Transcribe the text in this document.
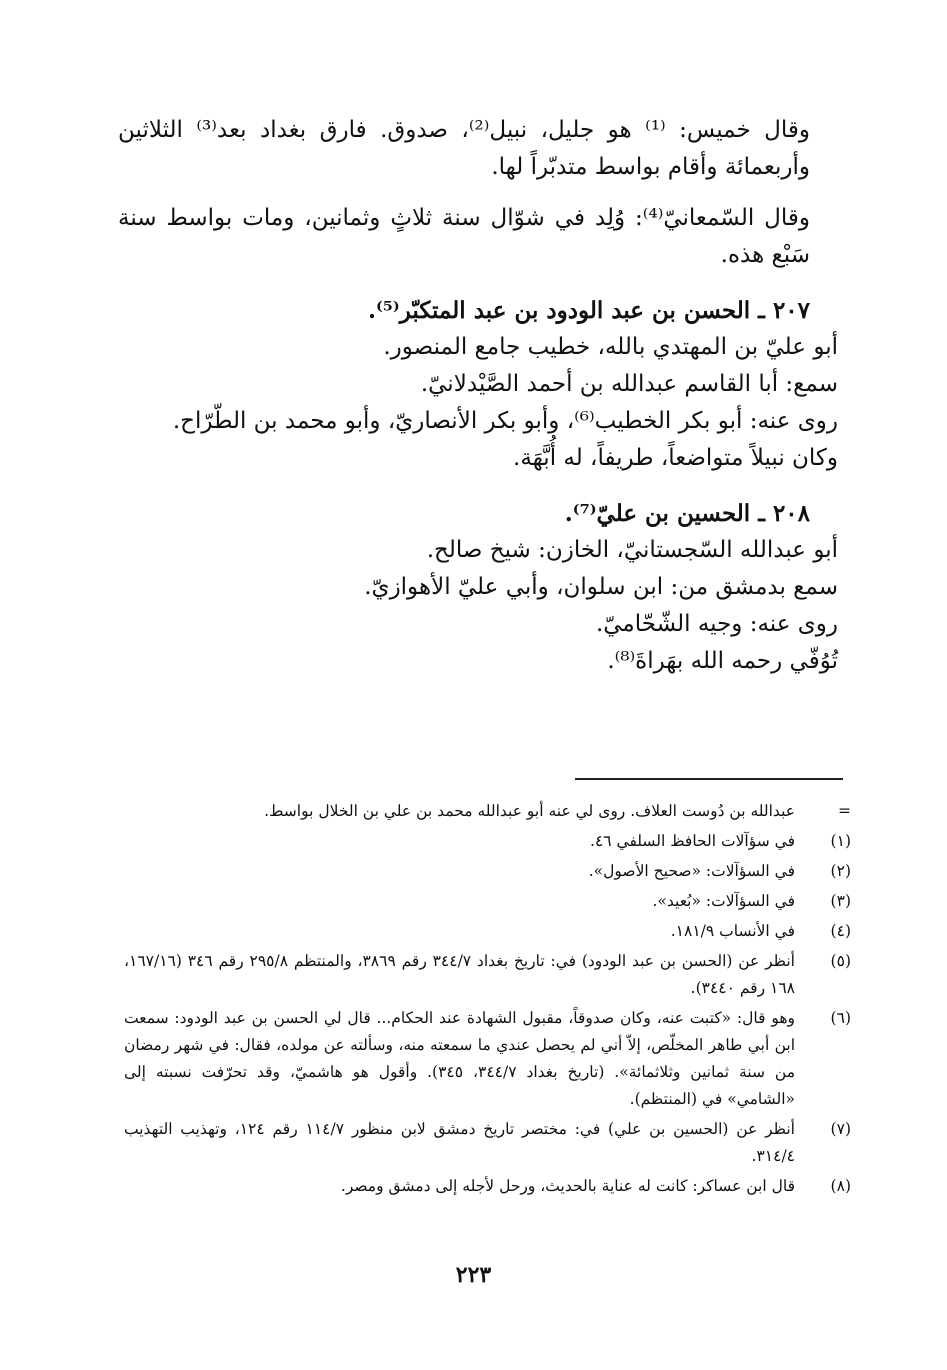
وقال خميس: ⁽¹⁾ هو جليل، نبيل⁽²⁾، صدوق. فارق بغداد بعد⁽³⁾ الثلاثين وأربعمائة وأقام بواسط متدبّراً لها.

وقال السّمعانيّ⁽⁴⁾: وُلِد في شوّال سنة ثلاثٍ وثمانين، ومات بواسط سنة سَبْع هذه.

٢٠٧ ـ الحسن بن عبد الودود بن عبد المتكبّر⁽⁵⁾.

أبو عليّ بن المهتدي بالله، خطيب جامع المنصور.

سمع: أبا القاسم عبدالله بن أحمد الصَّيْدلانيّ.

روى عنه: أبو بكر الخطيب⁽⁶⁾، وأبو بكر الأنصاريّ، وأبو محمد بن الطّرّاح.

وكان نبيلاً متواضعاً، طريفاً، له أُبَّهَة.

٢٠٨ ـ الحسين بن عليّ⁽⁷⁾.

أبو عبدالله السّجستانيّ، الخازن: شيخ صالح.

سمع بدمشق من: ابن سلوان، وأبي عليّ الأهوازيّ.

روى عنه: وجيه الشّحّاميّ.

تُوُفّي رحمه الله بهَراةَ⁽⁸⁾.

=
عبدالله بن دُوست العلاف. روى لي عنه أبو عبدالله محمد بن علي بن الخلال بواسط.
(١)
في سؤآلات الحافظ السلفي ٤٦.
(٢)
في السؤآلات: «صحيح الأصول».
(٣)
في السؤآلات: «بُعيد».
(٤)
في الأنساب ١٨١/٩.
(٥)
أنظر عن (الحسن بن عبد الودود) في: تاريخ بغداد ٣٤٤/٧ رقم ٣٨٦٩، والمنتظم ٢٩٥/٨ رقم ٣٤٦ (١٦٧/١٦، ١٦٨ رقم ٣٤٤٠).
(٦)
وهو قال: «كتبت عنه، وكان صدوقاً، مقبول الشهادة عند الحكام... قال لي الحسن بن عبد الودود: سمعت ابن أبي طاهر المخلّص، إلاّ أني لم يحصل عندي ما سمعته منه، وسألته عن مولده، فقال: في شهر رمضان من سنة ثمانين وثلاثمائة». (تاريخ بغداد ٣٤٤/٧، ٣٤٥). وأقول هو هاشميّ، وقد تحرّفت نسبته إلى «الشامي» في (المنتظم).
(٧)
أنظر عن (الحسين بن علي) في: مختصر تاريخ دمشق لابن منظور ١١٤/٧ رقم ١٢٤، وتهذيب التهذيب ٣١٤/٤.
(٨)
قال ابن عساكر: كانت له عناية بالحديث، ورحل لأجله إلى دمشق ومصر.
٢٢٣
